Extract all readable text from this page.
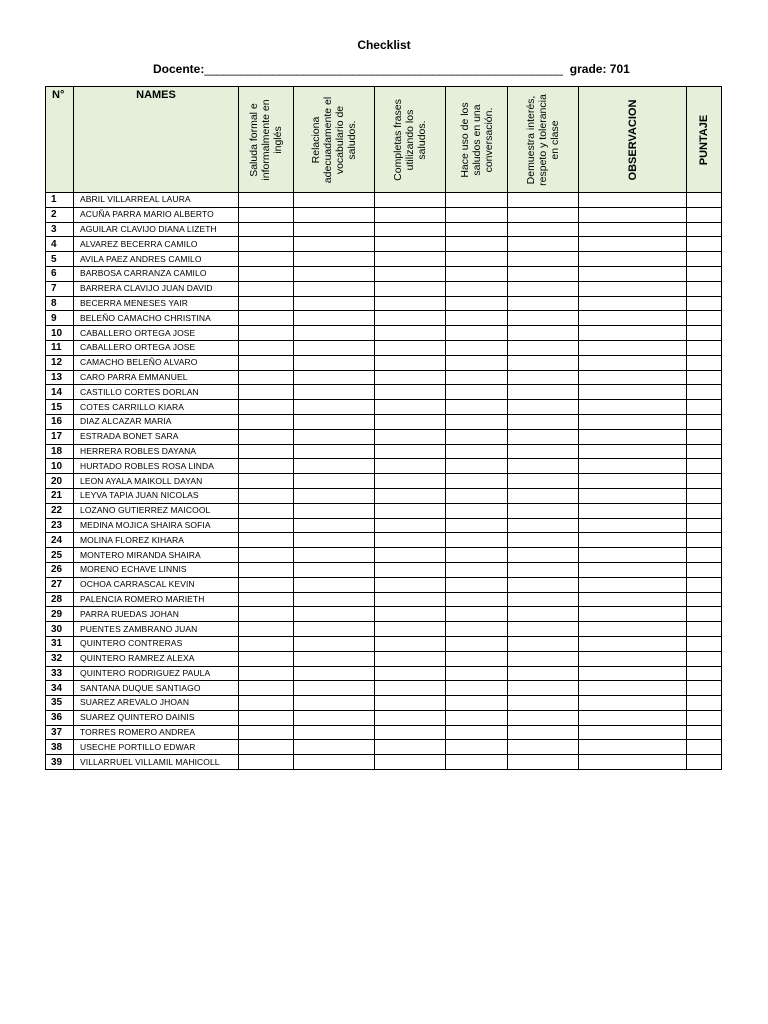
Checklist
Docente:__________________________________________________________ grade: 701
N°	NAMES	Saluda formal e informalmente en inglés	Relaciona adecuadamente el vocabulario de saludos.	Completas frases utilizando los saludos.	Hace uso de los saludos en una conversación.	Demuestra interés, respeto y tolerancia en clase	OBSERVACION	PUNTAJE

1	ABRIL VILLARREAL LAURA							
2	ACUÑA PARRA MARIO ALBERTO							
3	AGUILAR CLAVIJO DIANA LIZETH							
4	ALVAREZ BECERRA CAMILO							
5	AVILA PAEZ ANDRES CAMILO							
6	BARBOSA CARRANZA CAMILO							
7	BARRERA CLAVIJO JUAN DAVID							
8	BECERRA MENESES YAIR							
9	BELEÑO CAMACHO CHRISTINA							
10	CABALLERO ORTEGA JOSE							
11	CABALLERO ORTEGA JOSE							
12	CAMACHO BELEÑO ALVARO							
13	CARO PARRA EMMANUEL							
14	CASTILLO CORTES DORLAN							
15	COTES CARRILLO KIARA							
16	DIAZ ALCAZAR MARIA							
17	ESTRADA BONET SARA							
18	HERRERA ROBLES DAYANA							
10	HURTADO ROBLES ROSA LINDA							
20	LEON AYALA MAIKOLL DAYAN							
21	LEYVA TAPIA JUAN NICOLAS							
22	LOZANO GUTIERREZ MAICOOL							
23	MEDINA MOJICA SHAIRA SOFIA							
24	MOLINA FLOREZ KIHARA							
25	MONTERO MIRANDA SHAIRA							
26	MORENO ECHAVE LINNIS							
27	OCHOA CARRASCAL KEVIN							
28	PALENCIA ROMERO MARIETH							
29	PARRA RUEDAS JOHAN							
30	PUENTES ZAMBRANO JUAN							
31	QUINTERO CONTRERAS							
32	QUINTERO RAMREZ ALEXA							
33	QUINTERO RODRIGUEZ PAULA							
34	SANTANA DUQUE SANTIAGO							
35	SUAREZ AREVALO JHOAN							
36	SUAREZ QUINTERO DAINIS							
37	TORRES ROMERO ANDREA							
38	USECHE PORTILLO EDWAR							
39	VILLARRUEL VILLAMIL MAHICOLL							
